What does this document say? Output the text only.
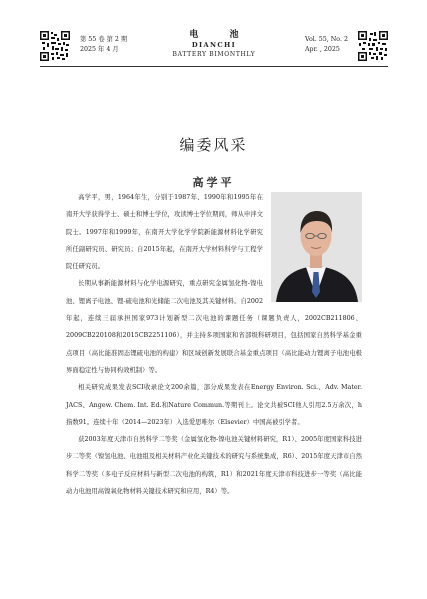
第 55 卷 第 2 期
2025 年 4 月
电 池
DIANCHI
BATTERY BIMONTHLY
Vol. 55, No. 2
Apr. , 2025
编委风采
高学平

高学平，男，1964年生，分别于1987年、1990年和1995年在南开大学获得学士、硕士和博士学位，攻读博士学位期间，师从申泮文院士。1997年和1999年，在南开大学化学学院新能源材料化学研究所任副研究员、研究员；自2015年起，在南开大学材料科学与工程学院任研究员。

长期从事新能源材料与化学电源研究，重点研究金属氢化物-镍电池、锂离子电池、锂-硫电池和光储能二次电池及其关键材料。自2002年起，连续三届承担国家973计划新型二次电池的课题任务（课题负责人，2002CB211806、2009CB220108和2015CB2251106），并主持多项国家和省部级科研项目，包括国家自然科学基金重点项目（高比能准固态锂硫电池的构建）和区域创新发展联合基金重点项目（高比能动力锂离子电池电极界面稳定性与协同构效机制）等。

相关研究成果发表SCI收录论文200余篇，部分成果发表在Energy Environ. Sci.、Adv. Mater. JACS、Angew. Chem. Int. Ed.和Nature Commun.等期刊上。论文共被SCI他人引用2.5万余次，h指数91。连续十年（2014—2023年）入选爱思唯尔（Elsevier）中国高被引学者。

获2003年度天津市自然科学二等奖（金属氢化物-镍电池关键材料研究，R1）、2005年度国家科技进步二等奖（镍氢电池、电池组及相关材料产业化关键技术的研究与系统集成，R6）、2015年度天津市自然科学二等奖（多电子反应材料与新型二次电池的构筑，R1）和2021年度天津市科技进步一等奖（高比能动力电池用高镍氧化物材料关键技术研究和应用，R4）等。
